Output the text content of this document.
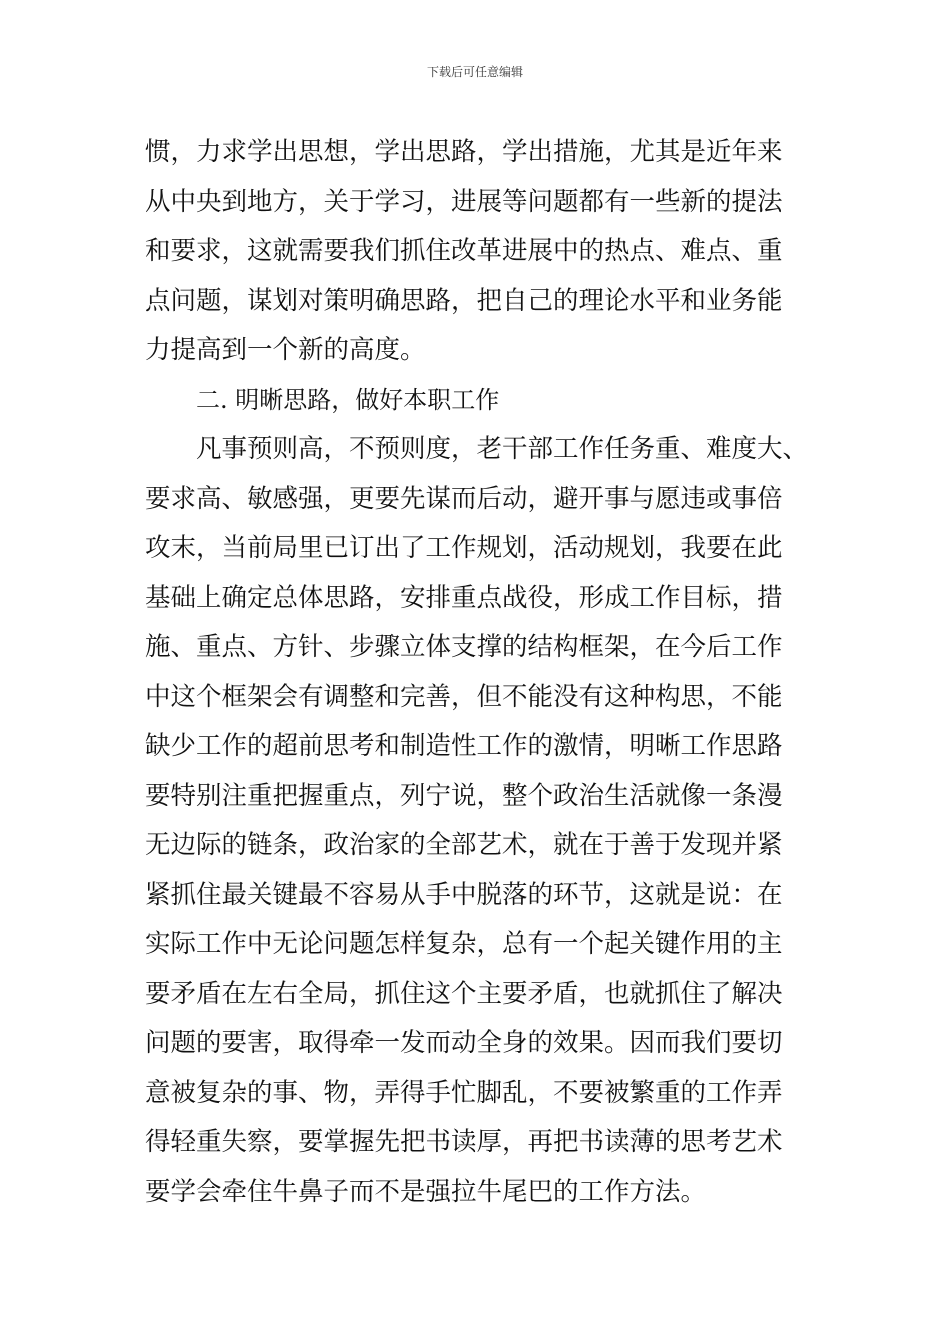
下载后可任意编辑
惯，力求学出思想，学出思路，学出措施，尤其是近年来
从中央到地方，关于学习，进展等问题都有一些新的提法
和要求，这就需要我们抓住改革进展中的热点、难点、重
点问题，谋划对策明确思路，把自己的理论水平和业务能
力提高到一个新的高度。
二. 明晰思路，做好本职工作
凡事预则高，不预则度，老干部工作任务重、难度大、
要求高、敏感强，更要先谋而后动，避开事与愿违或事倍
攻末，当前局里已订出了工作规划，活动规划，我要在此
基础上确定总体思路，安排重点战役，形成工作目标，措
施、重点、方针、步骤立体支撑的结构框架，在今后工作
中这个框架会有调整和完善，但不能没有这种构思，不能
缺少工作的超前思考和制造性工作的激情，明晰工作思路
要特别注重把握重点，列宁说，整个政治生活就像一条漫
无边际的链条，政治家的全部艺术，就在于善于发现并紧
紧抓住最关键最不容易从手中脱落的环节，这就是说：在
实际工作中无论问题怎样复杂，总有一个起关键作用的主
要矛盾在左右全局，抓住这个主要矛盾，也就抓住了解决
问题的要害，取得牵一发而动全身的效果。因而我们要切
意被复杂的事、物，弄得手忙脚乱，不要被繁重的工作弄
得轻重失察，要掌握先把书读厚，再把书读薄的思考艺术
要学会牵住牛鼻子而不是强拉牛尾巴的工作方法。
